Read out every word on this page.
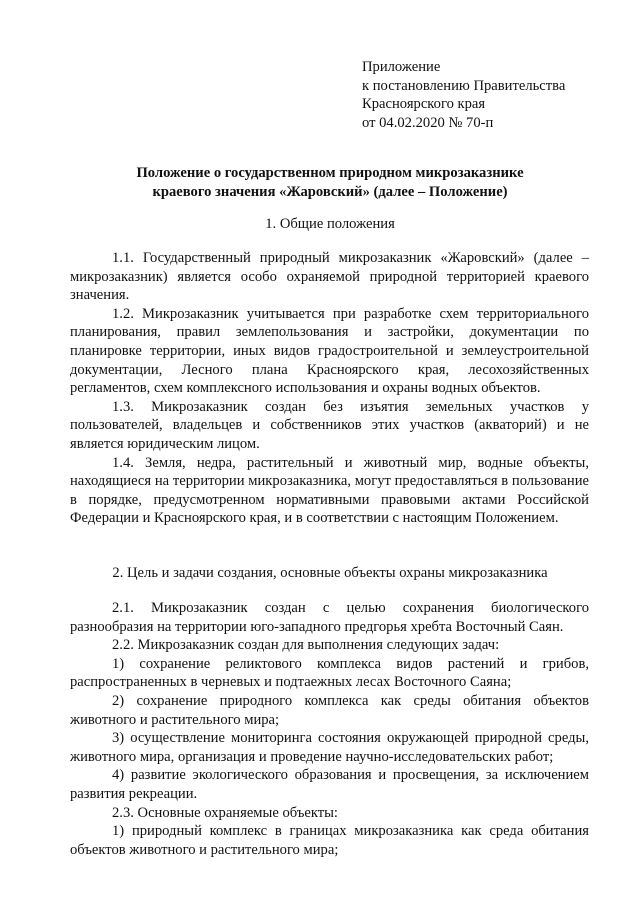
Приложение
к постановлению Правительства
Красноярского края
от 04.02.2020 № 70-п
Положение о государственном природном микрозаказнике
краевого значения «Жаровский» (далее – Положение)
1. Общие положения

1.1. Государственный природный микрозаказник «Жаровский» (далее – микрозаказник) является особо охраняемой природной территорией краевого значения.

1.2. Микрозаказник учитывается при разработке схем территориального планирования, правил землепользования и застройки, документации по планировке территории, иных видов градостроительной и землеустроительной документации, Лесного плана Красноярского края, лесохозяйственных регламентов, схем комплексного использования и охраны водных объектов.

1.3. Микрозаказник создан без изъятия земельных участков у пользователей, владельцев и собственников этих участков (акваторий) и не является юридическим лицом.

1.4. Земля, недра, растительный и животный мир, водные объекты, находящиеся на территории микрозаказника, могут предоставляться в пользование в порядке, предусмотренном нормативными правовыми актами Российской Федерации и Красноярского края, и в соответствии с настоящим Положением.

2. Цель и задачи создания, основные объекты охраны микрозаказника

2.1. Микрозаказник создан с целью сохранения биологического разнообразия на территории юго-западного предгорья хребта Восточный Саян.

2.2. Микрозаказник создан для выполнения следующих задач:

1) сохранение реликтового комплекса видов растений и грибов, распространенных в черневых и подтаежных лесах Восточного Саяна;

2) сохранение природного комплекса как среды обитания объектов животного и растительного мира;

3) осуществление мониторинга состояния окружающей природной среды, животного мира, организация и проведение научно-исследовательских работ;

4) развитие экологического образования и просвещения, за исключением развития рекреации.

2.3. Основные охраняемые объекты:

1) природный комплекс в границах микрозаказника как среда обитания объектов животного и растительного мира;
